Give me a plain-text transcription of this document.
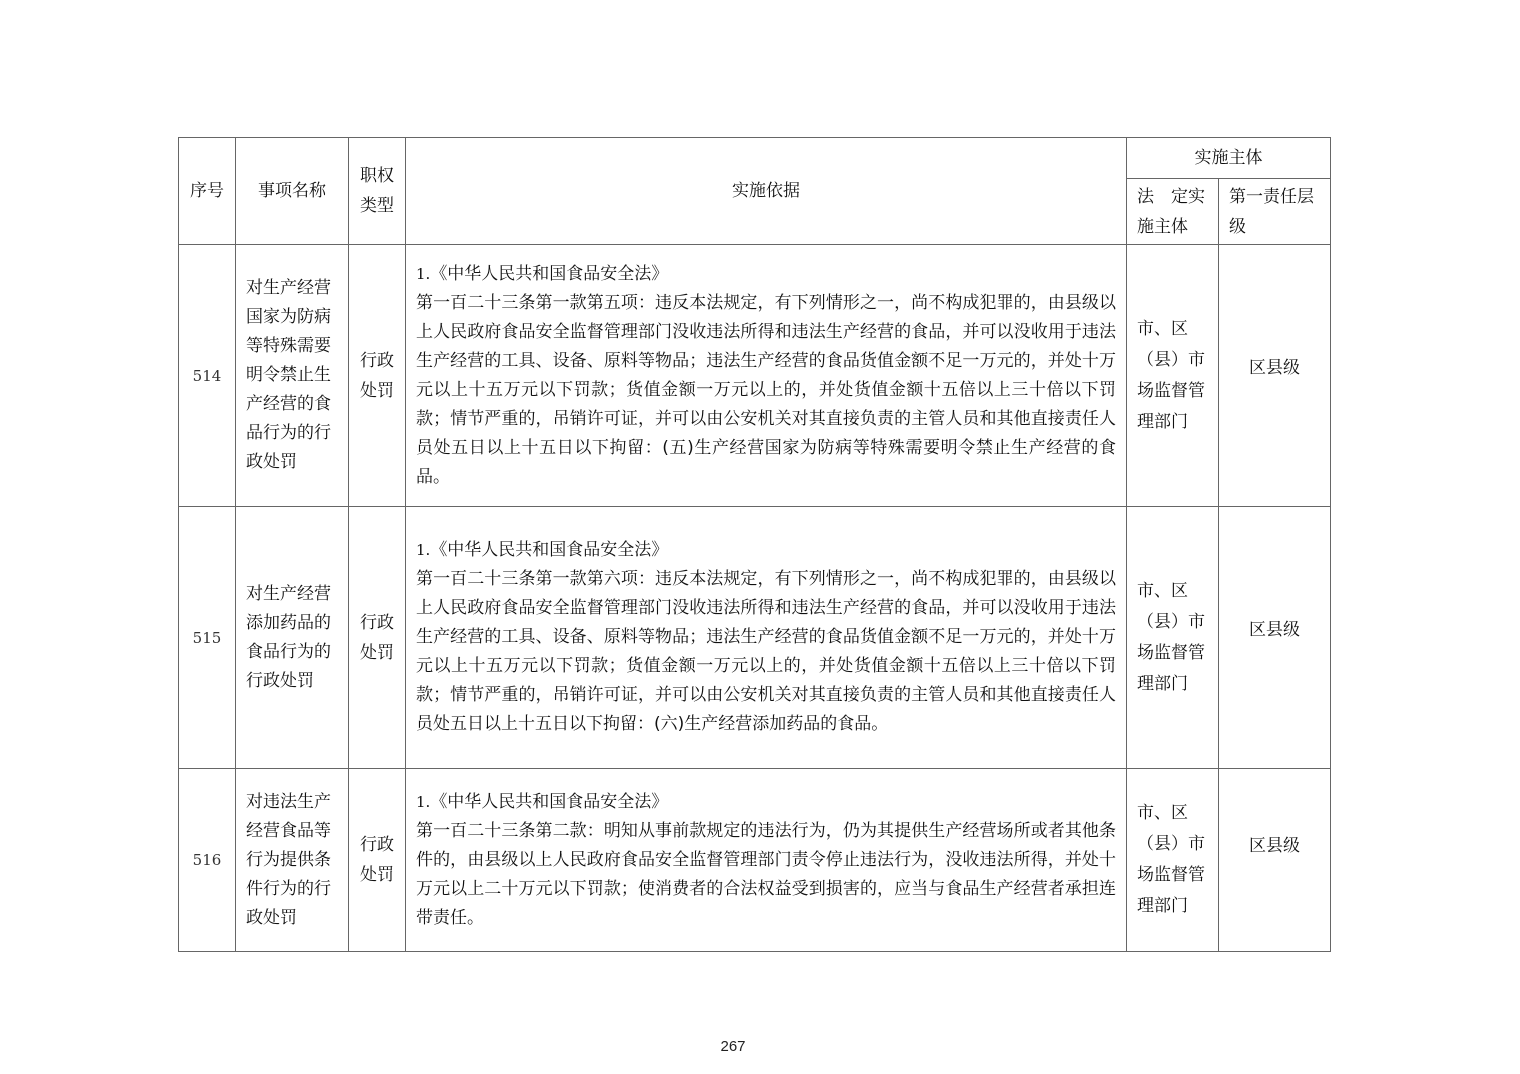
序号	事项名称	职权类型	实施依据	实施主体	
				法　定实施主体	第一责任层级
514	对生产经营国家为防病等特殊需要明令禁止生产经营的食品行为的行政处罚	行政处罚	1.《中华人民共和国食品安全法》
第一百二十三条第一款第五项：违反本法规定，有下列情形之一，尚不构成犯罪的，由县级以上人民政府食品安全监督管理部门没收违法所得和违法生产经营的食品，并可以没收用于违法生产经营的工具、设备、原料等物品；违法生产经营的食品货值金额不足一万元的，并处十万元以上十五万元以下罚款；货值金额一万元以上的，并处货值金额十五倍以上三十倍以下罚款；情节严重的，吊销许可证，并可以由公安机关对其直接负责的主管人员和其他直接责任人员处五日以上十五日以下拘留：(五)生产经营国家为防病等特殊需要明令禁止生产经营的食品。	市、区（县）市场监督管理部门	区县级
515	对生产经营添加药品的食品行为的行政处罚	行政处罚	1.《中华人民共和国食品安全法》
第一百二十三条第一款第六项：违反本法规定，有下列情形之一，尚不构成犯罪的，由县级以上人民政府食品安全监督管理部门没收违法所得和违法生产经营的食品，并可以没收用于违法生产经营的工具、设备、原料等物品；违法生产经营的食品货值金额不足一万元的，并处十万元以上十五万元以下罚款；货值金额一万元以上的，并处货值金额十五倍以上三十倍以下罚款；情节严重的，吊销许可证，并可以由公安机关对其直接负责的主管人员和其他直接责任人员处五日以上十五日以下拘留：(六)生产经营添加药品的食品。	市、区（县）市场监督管理部门	区县级
516	对违法生产经营食品等行为提供条件行为的行政处罚	行政处罚	1.《中华人民共和国食品安全法》
第一百二十三条第二款：明知从事前款规定的违法行为，仍为其提供生产经营场所或者其他条件的，由县级以上人民政府食品安全监督管理部门责令停止违法行为，没收违法所得，并处十万元以上二十万元以下罚款；使消费者的合法权益受到损害的，应当与食品生产经营者承担连带责任。	市、区（县）市场监督管理部门	区县级
267
